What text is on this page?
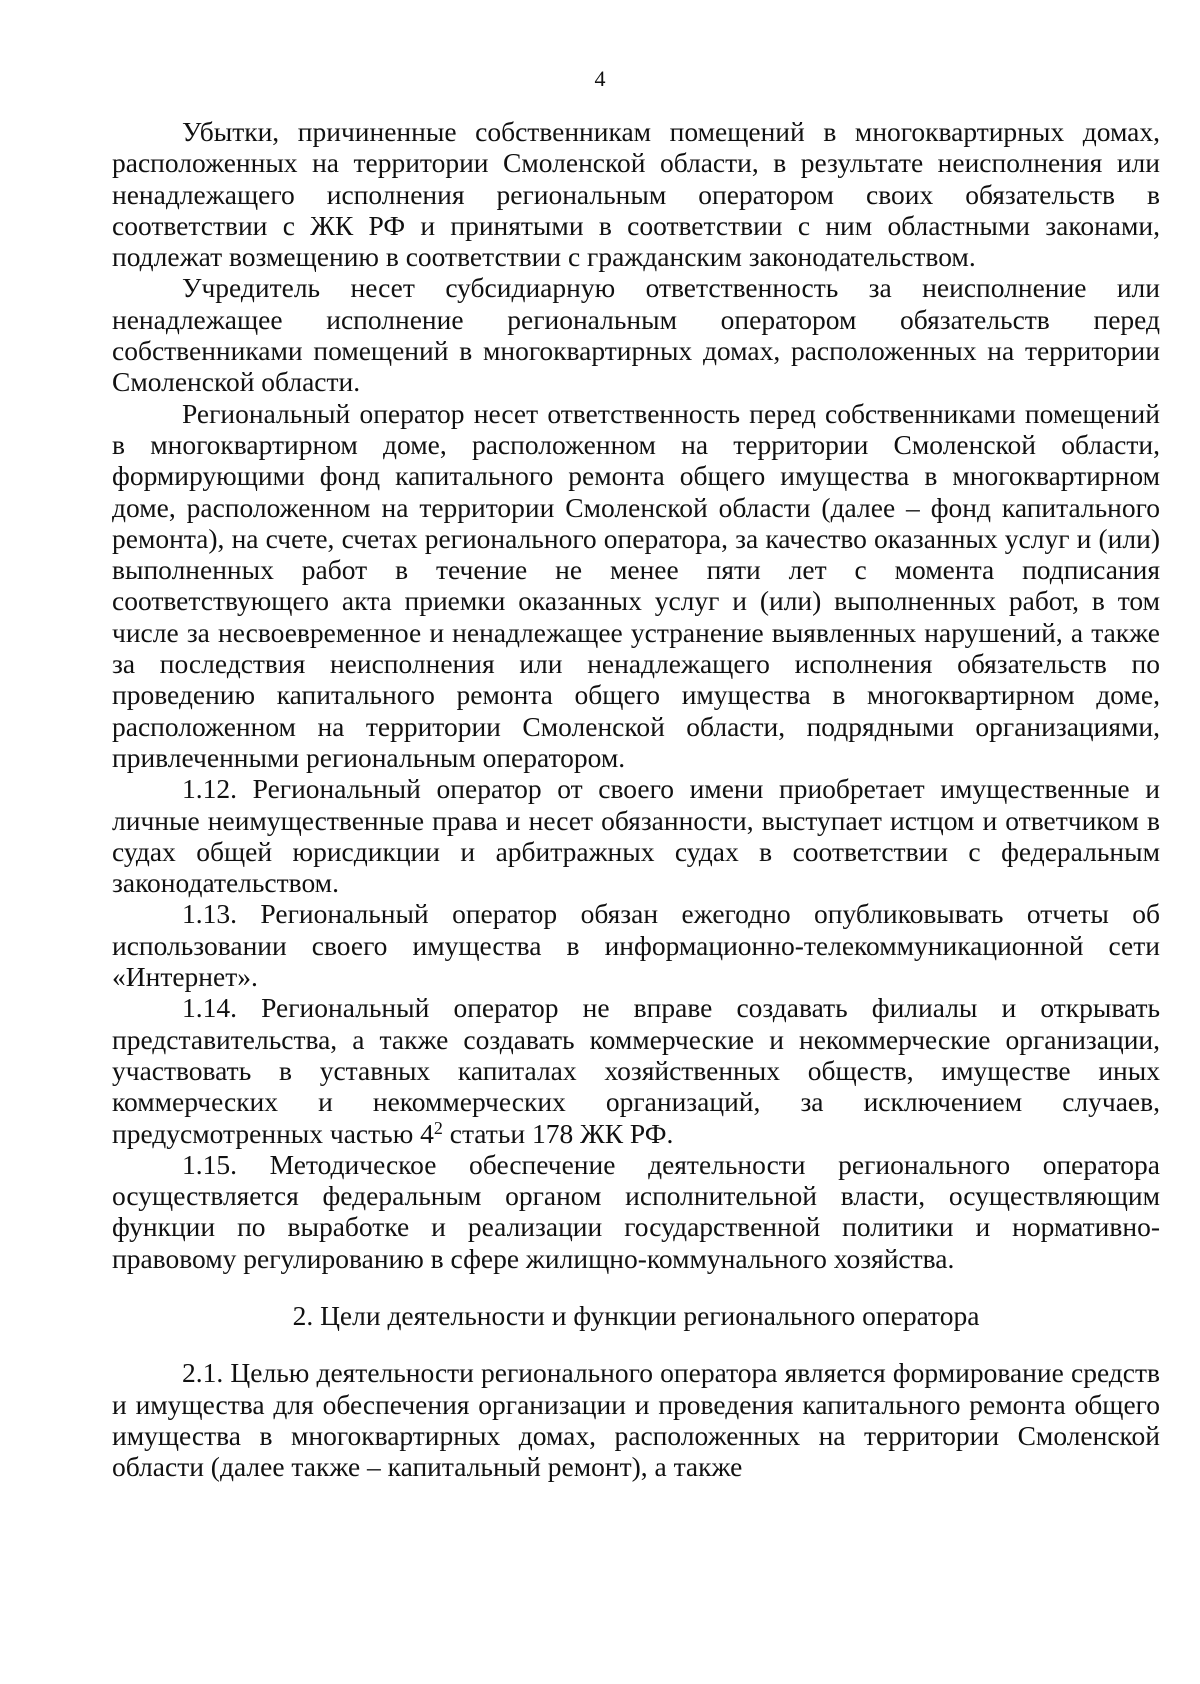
4

Убытки, причиненные собственникам помещений в многоквартирных домах, расположенных на территории Смоленской области, в результате неисполнения или ненадлежащего исполнения региональным оператором своих обязательств в соответствии с ЖК РФ и принятыми в соответствии с ним областными законами, подлежат возмещению в соответствии с гражданским законодательством.

Учредитель несет субсидиарную ответственность за неисполнение или ненадлежащее исполнение региональным оператором обязательств перед собственниками помещений в многоквартирных домах, расположенных на территории Смоленской области.

Региональный оператор несет ответственность перед собственниками помещений в многоквартирном доме, расположенном на территории Смоленской области, формирующими фонд капитального ремонта общего имущества в многоквартирном доме, расположенном на территории Смоленской области (далее – фонд капитального ремонта), на счете, счетах регионального оператора, за качество оказанных услуг и (или) выполненных работ в течение не менее пяти лет с момента подписания соответствующего акта приемки оказанных услуг и (или) выполненных работ, в том числе за несвоевременное и ненадлежащее устранение выявленных нарушений, а также за последствия неисполнения или ненадлежащего исполнения обязательств по проведению капитального ремонта общего имущества в многоквартирном доме, расположенном на территории Смоленской области, подрядными организациями, привлеченными региональным оператором.

1.12. Региональный оператор от своего имени приобретает имущественные и личные неимущественные права и несет обязанности, выступает истцом и ответчиком в судах общей юрисдикции и арбитражных судах в соответствии с федеральным законодательством.

1.13. Региональный оператор обязан ежегодно опубликовывать отчеты об использовании своего имущества в информационно-телекоммуникационной сети «Интернет».

1.14. Региональный оператор не вправе создавать филиалы и открывать представительства, а также создавать коммерческие и некоммерческие организации, участвовать в уставных капиталах хозяйственных обществ, имуществе иных коммерческих и некоммерческих организаций, за исключением случаев, предусмотренных частью $4^2$ статьи 178 ЖК РФ.

1.15. Методическое обеспечение деятельности регионального оператора осуществляется федеральным органом исполнительной власти, осуществляющим функции по выработке и реализации государственной политики и нормативно-правовому регулированию в сфере жилищно-коммунального хозяйства.

2. Цели деятельности и функции регионального оператора

2.1. Целью деятельности регионального оператора является формирование средств и имущества для обеспечения организации и проведения капитального ремонта общего имущества в многоквартирных домах, расположенных на территории Смоленской области (далее также – капитальный ремонт), а также
